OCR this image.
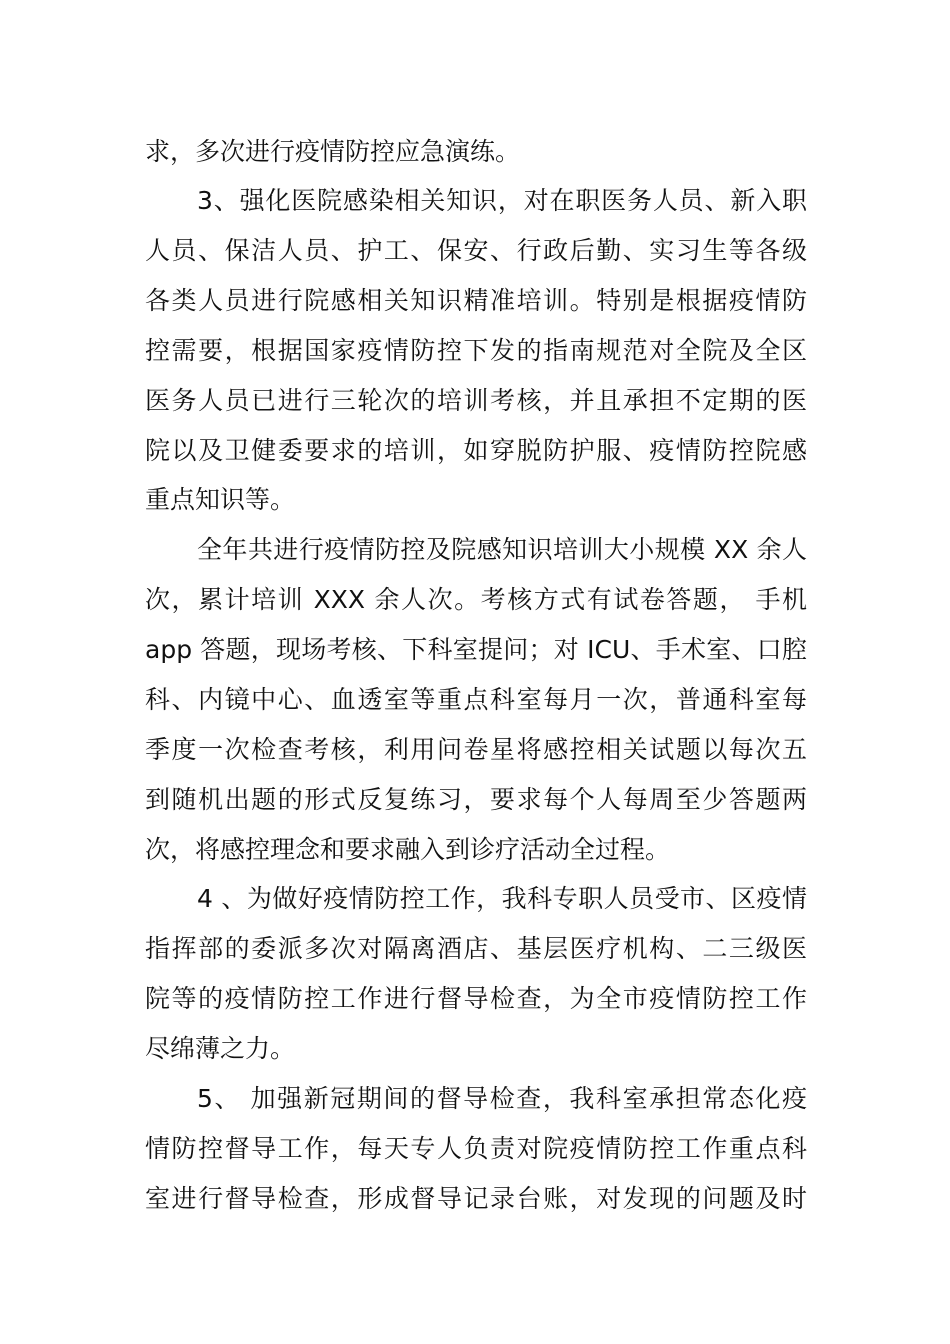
求，多次进行疫情防控应急演练。
3、强化医院感染相关知识，对在职医务人员、新入职
人员、保洁人员、护工、保安、行政后勤、实习生等各级
各类人员进行院感相关知识精准培训。特别是根据疫情防
控需要，根据国家疫情防控下发的指南规范对全院及全区
医务人员已进行三轮次的培训考核，并且承担不定期的医
院以及卫健委要求的培训，如穿脱防护服、疫情防控院感
重点知识等。
全年共进行疫情防控及院感知识培训大小规模 XX 余人
次，累计培训 XXX 余人次。考核方式有试卷答题， 手机
app 答题，现场考核、下科室提问；对 ICU、手术室、口腔
科、内镜中心、血透室等重点科室每月一次，普通科室每
季度一次检查考核，利用问卷星将感控相关试题以每次五
到随机出题的形式反复练习，要求每个人每周至少答题两
次，将感控理念和要求融入到诊疗活动全过程。
4 、为做好疫情防控工作，我科专职人员受市、区疫情
指挥部的委派多次对隔离酒店、基层医疗机构、二三级医
院等的疫情防控工作进行督导检查，为全市疫情防控工作
尽绵薄之力。
5、 加强新冠期间的督导检查，我科室承担常态化疫
情防控督导工作，每天专人负责对院疫情防控工作重点科
室进行督导检查，形成督导记录台账，对发现的问题及时
